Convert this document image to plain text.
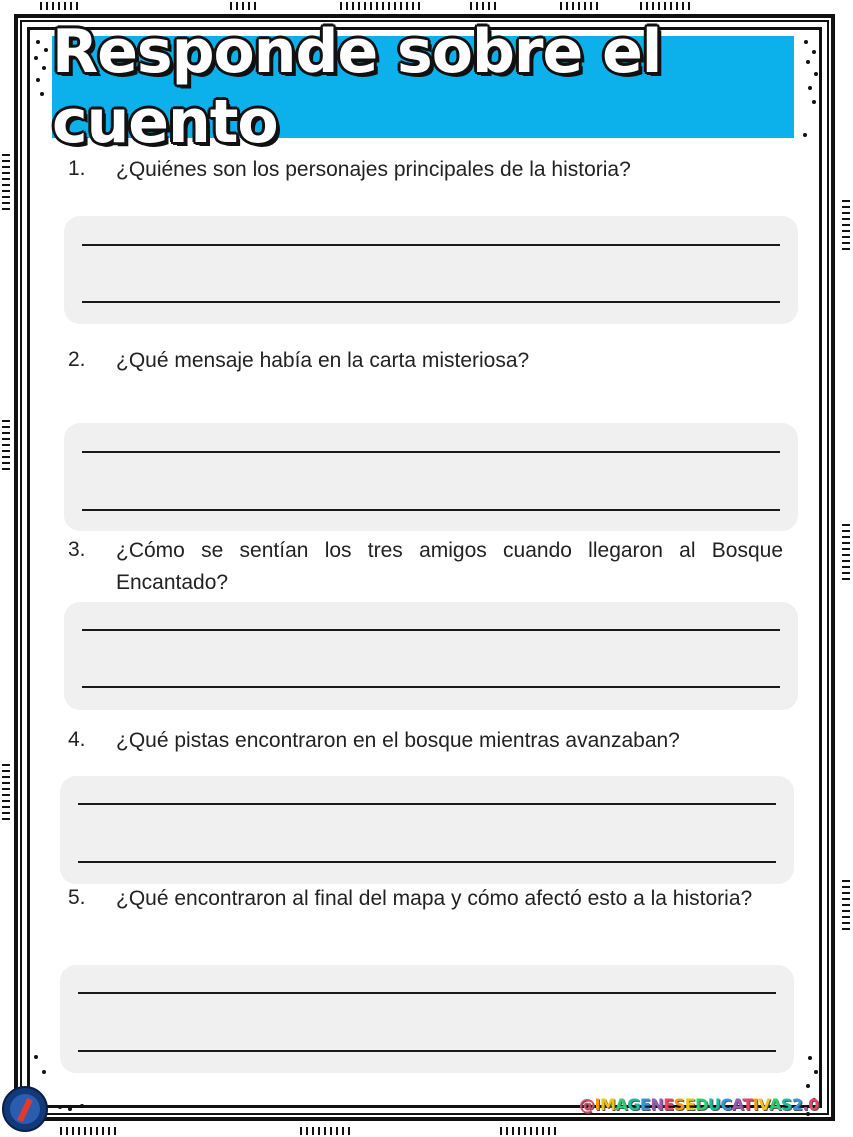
Responde sobre el cuento
1. ¿Quiénes son los personajes principales de la historia?
2. ¿Qué mensaje había en la carta misteriosa?
3. ¿Cómo se sentían los tres amigos cuando llegaron al Bosque Encantado?
4. ¿Qué pistas encontraron en el bosque mientras avanzaban?
5. ¿Qué encontraron al final del mapa y cómo afectó esto a la historia?
@IMAGENESEDUCATIVAS2.0
